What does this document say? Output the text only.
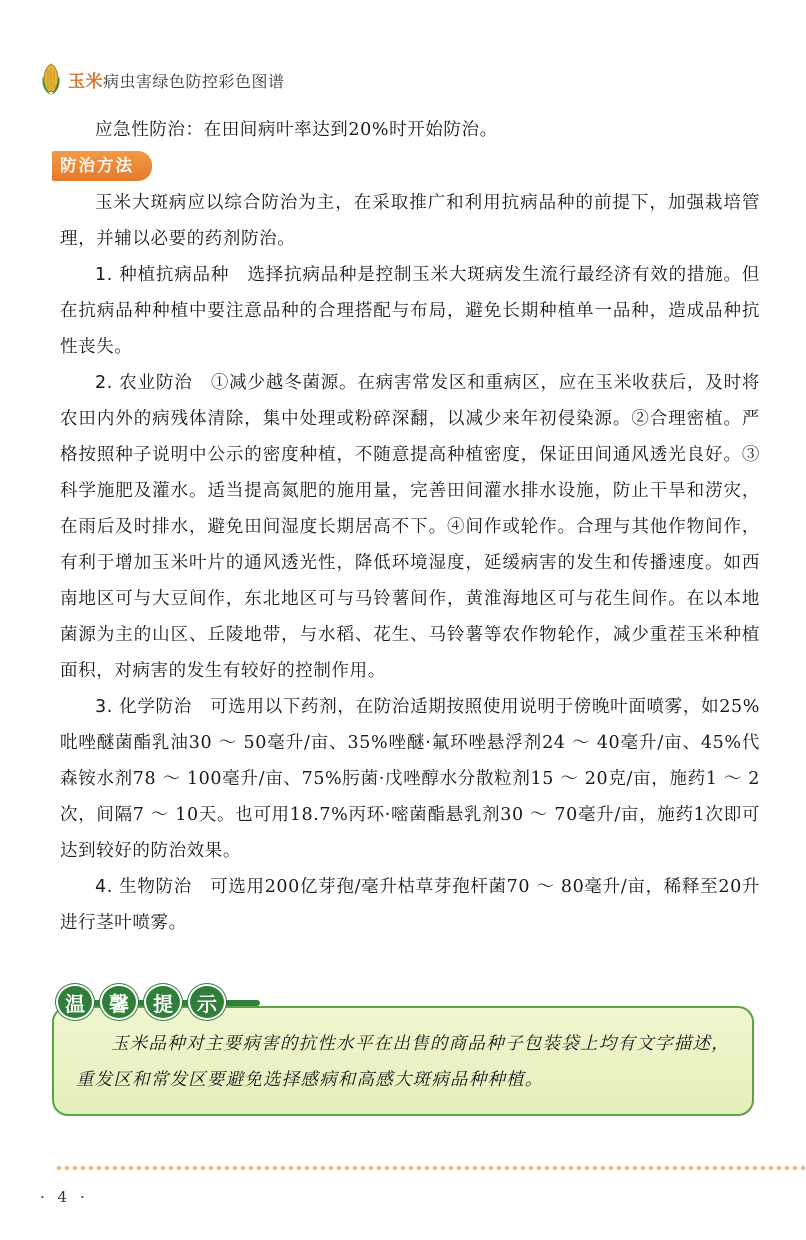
玉米病虫害绿色防控彩色图谱

应急性防治：在田间病叶率达到20%时开始防治。

防治方法

玉米大斑病应以综合防治为主，在采取推广和利用抗病品种的前提下，加强栽培管理，并辅以必要的药剂防治。

1. 种植抗病品种　 选择抗病品种是控制玉米大斑病发生流行最经济有效的措施。但在抗病品种种植中要注意品种的合理搭配与布局，避免长期种植单一品种，造成品种抗性丧失。

2. 农业防治　 ①减少越冬菌源。在病害常发区和重病区，应在玉米收获后，及时将农田内外的病残体清除，集中处理或粉碎深翻，以减少来年初侵染源。②合理密植。严格按照种子说明中公示的密度种植，不随意提高种植密度，保证田间通风透光良好。③科学施肥及灌水。适当提高氮肥的施用量，完善田间灌水排水设施，防止干旱和涝灾，在雨后及时排水，避免田间湿度长期居高不下。④间作或轮作。合理与其他作物间作，有利于增加玉米叶片的通风透光性，降低环境湿度，延缓病害的发生和传播速度。如西南地区可与大豆间作，东北地区可与马铃薯间作，黄淮海地区可与花生间作。在以本地菌源为主的山区、丘陵地带，与水稻、花生、马铃薯等农作物轮作，减少重茬玉米种植面积，对病害的发生有较好的控制作用。

3. 化学防治　 可选用以下药剂，在防治适期按照使用说明于傍晚叶面喷雾，如25%吡唑醚菌酯乳油30 ～ 50毫升/亩、35%唑醚·氟环唑悬浮剂24 ～ 40毫升/亩、45%代森铵水剂78 ～ 100毫升/亩、75%肟菌·戊唑醇水分散粒剂15 ～ 20克/亩，施药1 ～ 2次，间隔7 ～ 10天。也可用18.7%丙环·嘧菌酯悬乳剂30 ～ 70毫升/亩，施药1次即可达到较好的防治效果。

4. 生物防治　 可选用200亿芽孢/毫升枯草芽孢杆菌70 ～ 80毫升/亩，稀释至20升进行茎叶喷雾。

温	馨	提	示

玉米品种对主要病害的抗性水平在出售的商品种子包装袋上均有文字描述，重发区和常发区要避免选择感病和高感大斑病品种种植。

· 4 ·
